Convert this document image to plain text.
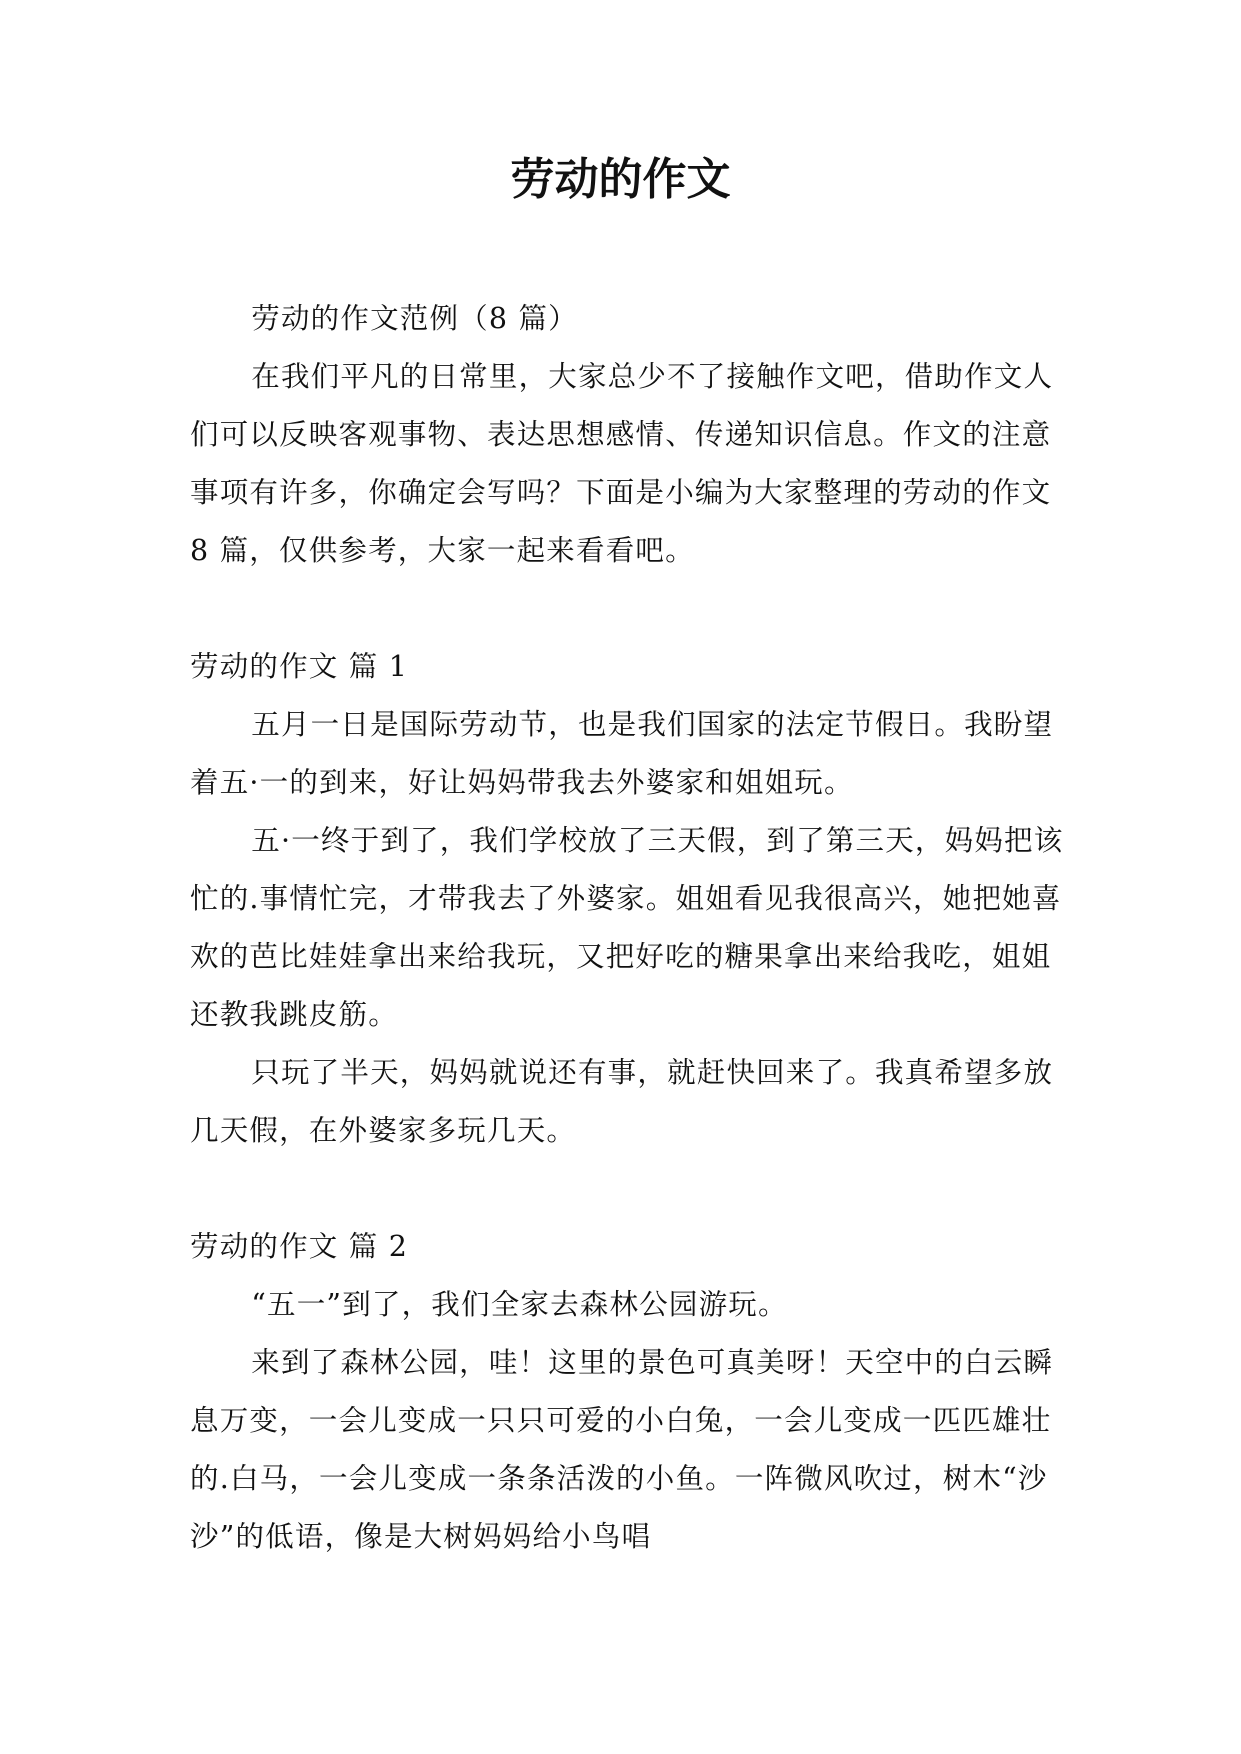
劳动的作文

劳动的作文范例（8 篇）

在我们平凡的日常里，大家总少不了接触作文吧，借助作文人们可以反映客观事物、表达思想感情、传递知识信息。作文的注意事项有许多，你确定会写吗？下面是小编为大家整理的劳动的作文 8 篇，仅供参考，大家一起来看看吧。

劳动的作文 篇 1

五月一日是国际劳动节，也是我们国家的法定节假日。我盼望着五·一的到来，好让妈妈带我去外婆家和姐姐玩。

五·一终于到了，我们学校放了三天假，到了第三天，妈妈把该忙的.事情忙完，才带我去了外婆家。姐姐看见我很高兴，她把她喜欢的芭比娃娃拿出来给我玩，又把好吃的糖果拿出来给我吃，姐姐还教我跳皮筋。

只玩了半天，妈妈就说还有事，就赶快回来了。我真希望多放几天假，在外婆家多玩几天。

劳动的作文 篇 2

“五一”到了，我们全家去森林公园游玩。

来到了森林公园，哇！这里的景色可真美呀！天空中的白云瞬息万变，一会儿变成一只只可爱的小白兔，一会儿变成一匹匹雄壮的.白马，一会儿变成一条条活泼的小鱼。一阵微风吹过，树木“沙沙”的低语，像是大树妈妈给小鸟唱
